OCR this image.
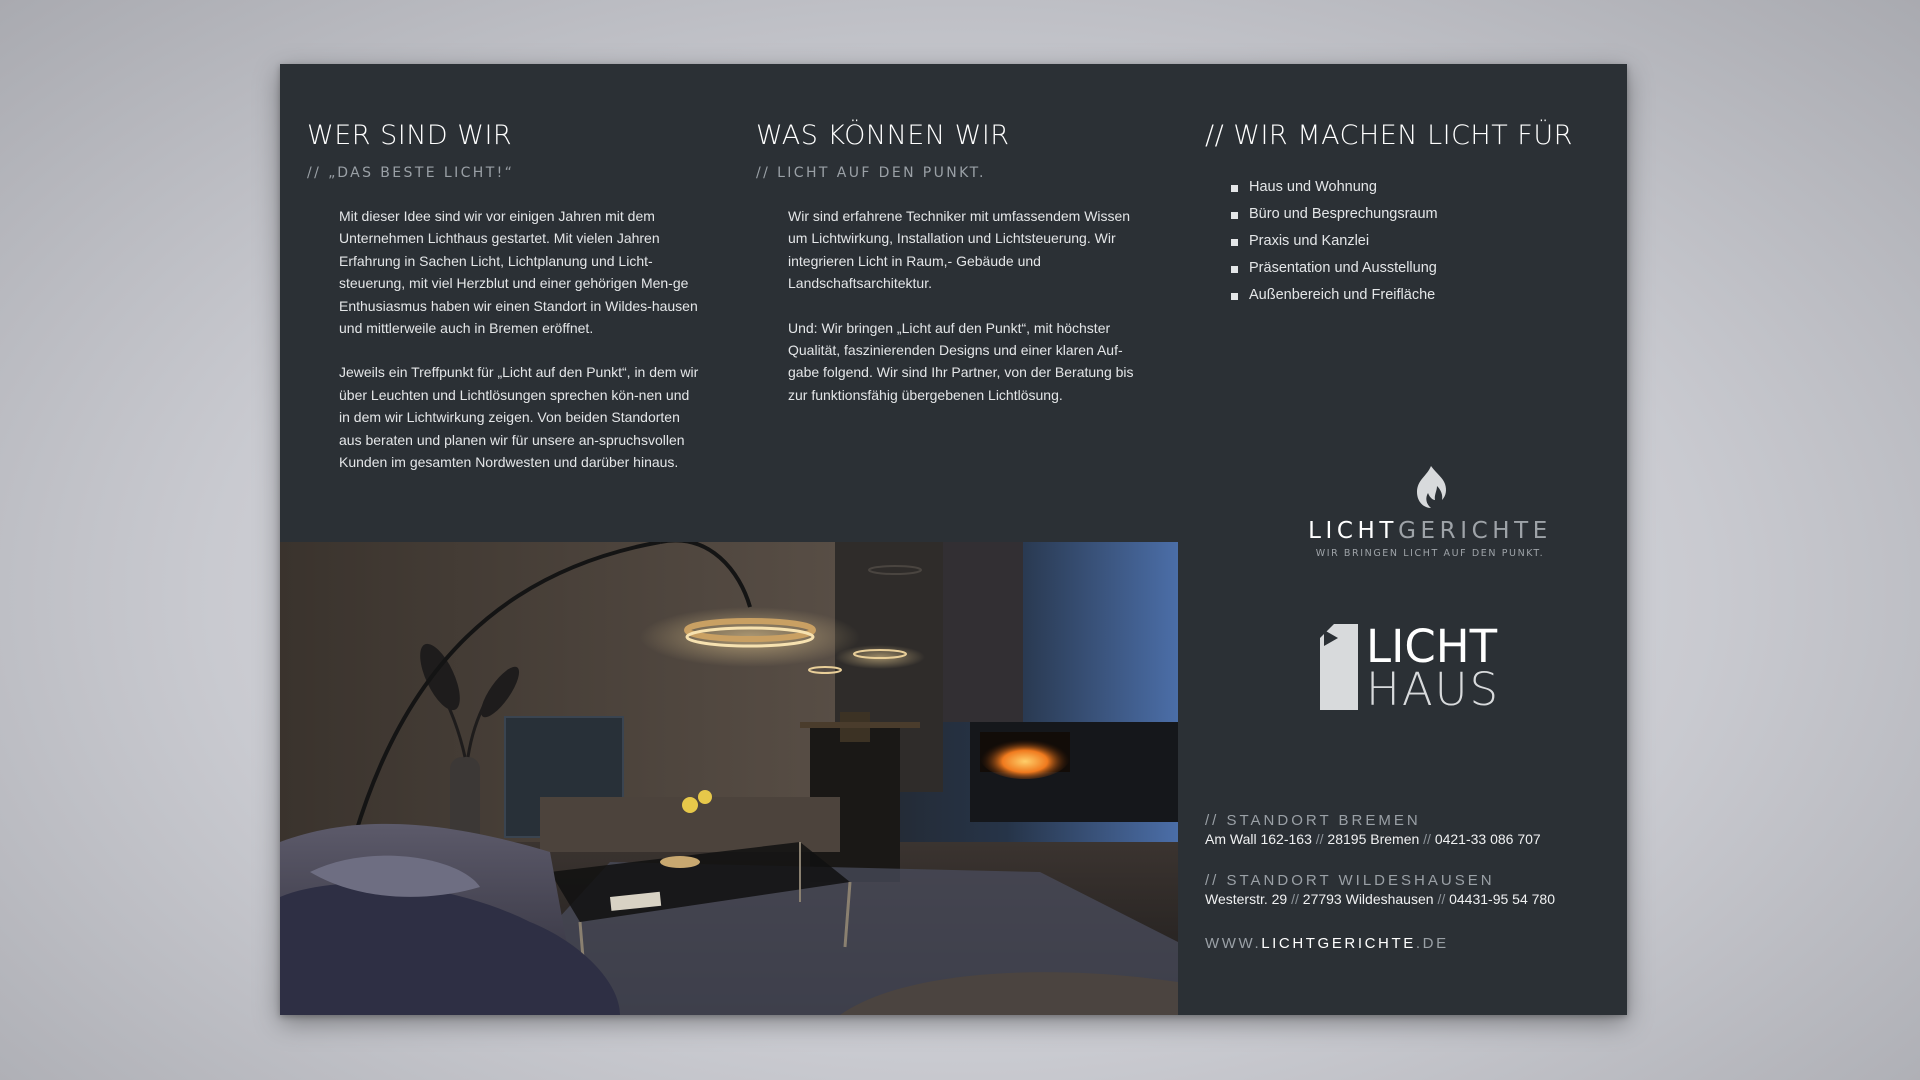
WER SIND WIR
// „DAS BESTE LICHT!“

Mit dieser Idee sind wir vor einigen Jahren mit dem Unternehmen Lichthaus gestartet. Mit vielen Jahren Erfahrung in Sachen Licht, Lichtplanung und Licht-steuerung, mit viel Herzblut und einer gehörigen Men-ge Enthusiasmus haben wir einen Standort in Wildes-hausen und mittlerweile auch in Bremen eröffnet.

Jeweils ein Treffpunkt für „Licht auf den Punkt“, in dem wir über Leuchten und Lichtlösungen sprechen kön-nen und in dem wir Lichtwirkung zeigen. Von beiden Standorten aus beraten und planen wir für unsere an-spruchsvollen Kunden im gesamten Nordwesten und darüber hinaus.

WAS KÖNNEN WIR
// LICHT AUF DEN PUNKT.

Wir sind erfahrene Techniker mit umfassendem Wissen um Lichtwirkung, Installation und Lichtsteuerung. Wir integrieren Licht in Raum,- Gebäude und Landschaftsarchitektur.

Und: Wir bringen „Licht auf den Punkt“, mit höchster Qualität, faszinierenden Designs und einer klaren Auf-gabe folgend. Wir sind Ihr Partner, von der Beratung bis zur funktionsfähig übergebenen Lichtlösung.

// WIR MACHEN LICHT FÜR
Haus und Wohnung
Büro und Besprechungsraum
Praxis und Kanzlei
Präsentation und Ausstellung
Außenbereich und Freifläche
LICHTGERICHTE
WIR BRINGEN LICHT AUF DEN PUNKT.
LICHT
HAUS
// STANDORT BREMEN
Am Wall 162-163 // 28195 Bremen // 0421-33 086 707
// STANDORT WILDESHAUSEN
Westerstr. 29 // 27793 Wildeshausen // 04431-95 54 780
WWW.LICHTGERICHTE.DE
